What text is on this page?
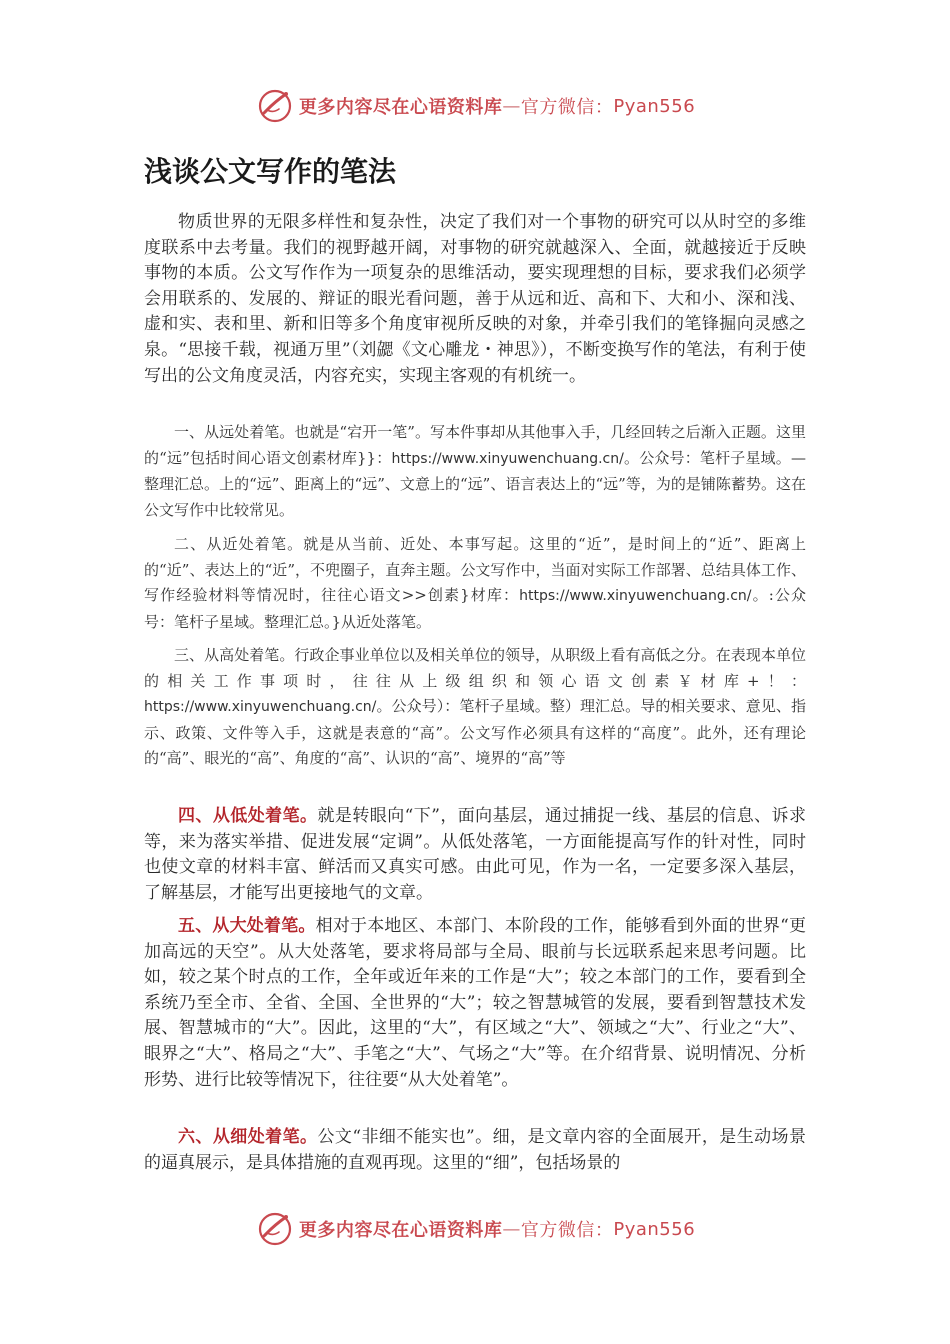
更多内容尽在心语资料库 — 官方微信： Pyan556
浅谈公文写作的笔法

物质世界的无限多样性和复杂性，决定了我们对一个事物的研究可以从时空的多维度联系中去考量。我们的视野越开阔，对事物的研究就越深入、全面，就越接近于反映事物的本质。公文写作作为一项复杂的思维活动，要实现理想的目标，要求我们必须学会用联系的、发展的、辩证的眼光看问题，善于从远和近、高和下、大和小、深和浅、虚和实、表和里、新和旧等多个角度审视所反映的对象，并牵引我们的笔锋掘向灵感之泉。“思接千载，视通万里”（刘勰《文心雕龙・神思》），不断变换写作的笔法，有利于使写出的公文角度灵活，内容充实，实现主客观的有机统一。

一、从远处着笔。也就是“宕开一笔”。写本件事却从其他事入手，几经回转之后渐入正题。这里的“远”包括时间心语文创素材库}}：https://www.xinyuwenchuang.cn/。公众号：笔杆子星域。—整理汇总。上的“远”、距离上的“远”、文意上的“远”、语言表达上的“远”等，为的是铺陈蓄势。这在公文写作中比较常见。

二、从近处着笔。就是从当前、近处、本事写起。这里的“近”，是时间上的“近”、距离上的“近”、表达上的“近”，不兜圈子，直奔主题。公文写作中，当面对实际工作部署、总结具体工作、写作经验材料等情况时，往往心语文>>创素}材库：https://www.xinyuwenchuang.cn/。:公众号：笔杆子星域。整理汇总。}从近处落笔。

三、从高处着笔。行政企事业单位以及相关单位的领导，从职级上看有高低之分。在表现本单位的相关工作事项时，往往从上级组织和领心语文创素￥材库+！：https://www.xinyuwenchuang.cn/。公众号）：笔杆子星域。整）理汇总。导的相关要求、意见、指示、政策、文件等入手，这就是表意的“高”。公文写作必须具有这样的“高度”。此外，还有理论的“高”、眼光的“高”、角度的“高”、认识的“高”、境界的“高”等

四、从低处着笔。就是转眼向“下”，面向基层，通过捕捉一线、基层的信息、诉求等，来为落实举措、促进发展“定调”。从低处落笔，一方面能提高写作的针对性，同时也使文章的材料丰富、鲜活而又真实可感。由此可见，作为一名，一定要多深入基层，了解基层，才能写出更接地气的文章。

五、从大处着笔。相对于本地区、本部门、本阶段的工作，能够看到外面的世界“更加高远的天空”。从大处落笔，要求将局部与全局、眼前与长远联系起来思考问题。比如，较之某个时点的工作，全年或近年来的工作是“大”；较之本部门的工作，要看到全系统乃至全市、全省、全国、全世界的“大”；较之智慧城管的发展，要看到智慧技术发展、智慧城市的“大”。因此，这里的“大”，有区域之“大”、领域之“大”、行业之“大”、眼界之“大”、格局之“大”、手笔之“大”、气场之“大”等。在介绍背景、说明情况、分析形势、进行比较等情况下，往往要“从大处着笔”。

六、从细处着笔。公文“非细不能实也”。细，是文章内容的全面展开，是生动场景的逼真展示，是具体措施的直观再现。这里的“细”，包括场景的

更多内容尽在心语资料库 — 官方微信： Pyan556
